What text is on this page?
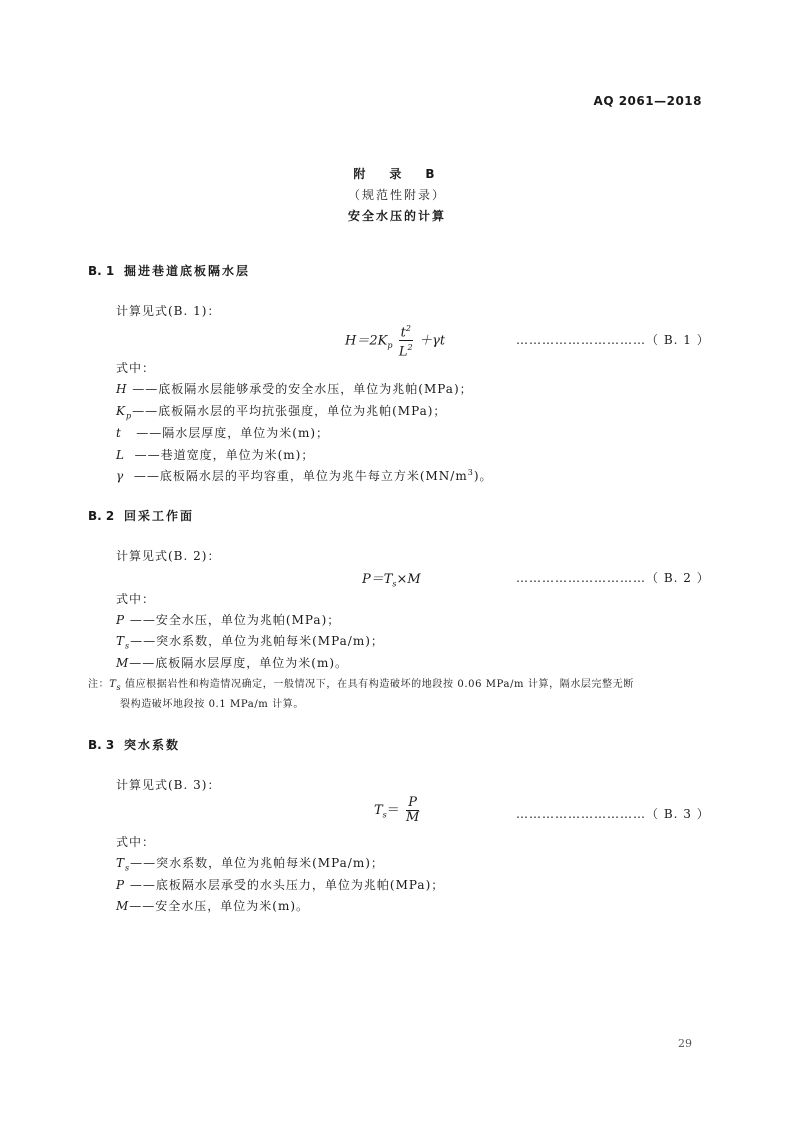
AQ 2061—2018
附　录　B
（规范性附录）
安全水压的计算
B. 1 掘进巷道底板隔水层
计算见式(B. 1)：
$H=2K_p \frac{t^2}{L^2} +\gamma t$	…………………………（ B. 1 ）
式中：
H ——底板隔水层能够承受的安全水压，单位为兆帕(MPa)；
$K_p——$底板隔水层的平均抗张强度，单位为兆帕(MPa)；
t ——隔水层厚度，单位为米(m)；
L ——巷道宽度，单位为米(m)；
γ ——底板隔水层的平均容重，单位为兆牛每立方米$(MN/m^3)$。
B. 2 回采工作面
计算见式(B. 2)：
$P=T_s\times M$	…………………………（ B. 2 ）
式中：
P ——安全水压，单位为兆帕(MPa)；
$T_s——$突水系数，单位为兆帕每米(MPa/m)；
M——底板隔水层厚度，单位为米(m)。
注：$T_s$ 值应根据岩性和构造情况确定，一般情况下，在具有构造破坏的地段按 0.06 MPa/m 计算，隔水层完整无断
裂构造破坏地段按 0.1 MPa/m 计算。
B. 3 突水系数
计算见式(B. 3)：
$T_s= \frac{P}{M}$	…………………………（ B. 3 ）
式中：
$T_s——$突水系数，单位为兆帕每米(MPa/m)；
P ——底板隔水层承受的水头压力，单位为兆帕(MPa)；
M——安全水压，单位为米(m)。
29
